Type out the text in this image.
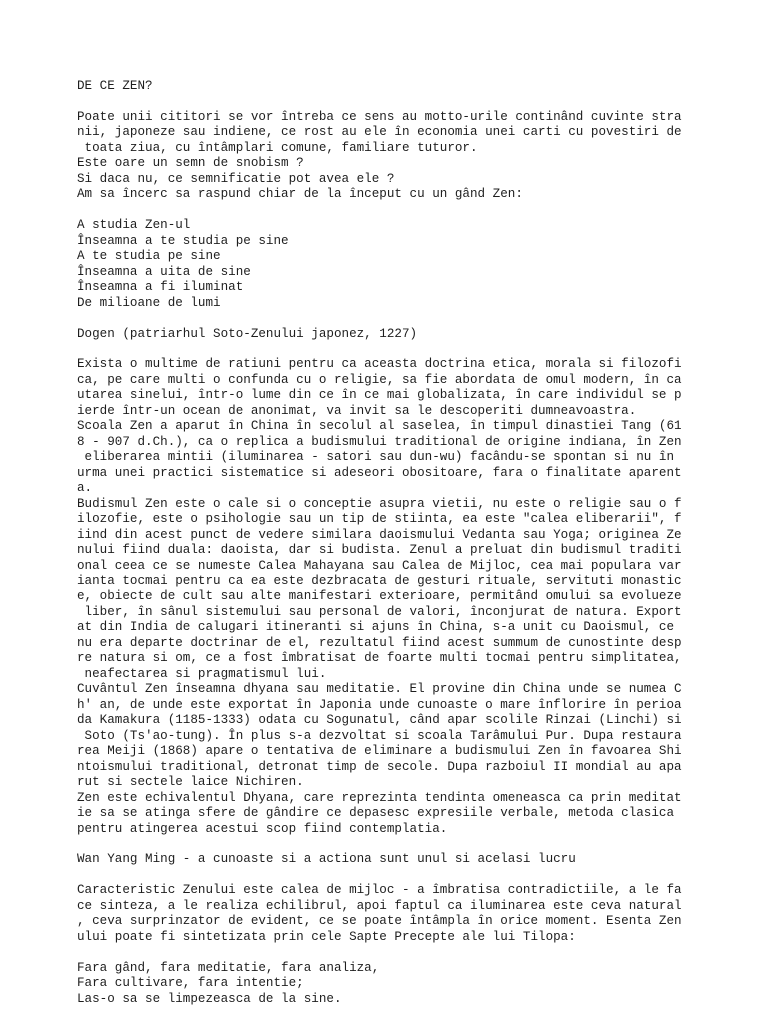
DE CE ZEN?
Poate unii cititori se vor întreba ce sens au motto-urile continând cuvinte stra
nii, japoneze sau indiene, ce rost au ele în economia unei carti cu povestiri de
toata ziua, cu întâmplari comune, familiare tuturor.
Este oare un semn de snobism ?
Si daca nu, ce semnificatie pot avea ele ?
Am sa încerc sa raspund chiar de la început cu un gând Zen:
A studia Zen-ul
Înseamna a te studia pe sine
A te studia pe sine
Înseamna a uita de sine
Înseamna a fi iluminat
De milioane de lumi
Dogen (patriarhul Soto-Zenului japonez, 1227)
Exista o multime de ratiuni pentru ca aceasta doctrina etica, morala si filozofi
ca, pe care multi o confunda cu o religie, sa fie abordata de omul modern, în ca
utarea sinelui, într-o lume din ce în ce mai globalizata, în care individul se p
ierde într-un ocean de anonimat, va invit sa le descoperiti dumneavoastra.
Scoala Zen a aparut în China în secolul al saselea, în timpul dinastiei Tang (61
8 - 907 d.Ch.), ca o replica a budismului traditional de origine indiana, în Zen
eliberarea mintii (iluminarea - satori sau dun-wu) facându-se spontan si nu în
urma unei practici sistematice si adeseori obositoare, fara o finalitate aparent
a.
Budismul Zen este o cale si o conceptie asupra vietii, nu este o religie sau o f
ilozofie, este o psihologie sau un tip de stiinta, ea este "calea eliberarii", f
iind din acest punct de vedere similara daoismului Vedanta sau Yoga; originea Ze
nului fiind duala: daoista, dar si budista. Zenul a preluat din budismul traditi
onal ceea ce se numeste Calea Mahayana sau Calea de Mijloc, cea mai populara var
ianta tocmai pentru ca ea este dezbracata de gesturi rituale, servituti monastic
e, obiecte de cult sau alte manifestari exterioare, permitând omului sa evolueze
liber, în sânul sistemului sau personal de valori, înconjurat de natura. Export
at din India de calugari itineranti si ajuns în China, s-a unit cu Daoismul, ce
nu era departe doctrinar de el, rezultatul fiind acest summum de cunostinte desp
re natura si om, ce a fost îmbratisat de foarte multi tocmai pentru simplitatea,
neafectarea si pragmatismul lui.
Cuvântul Zen înseamna dhyana sau meditatie. El provine din China unde se numea C
h' an, de unde este exportat în Japonia unde cunoaste o mare înflorire în perioa
da Kamakura (1185-1333) odata cu Sogunatul, când apar scolile Rinzai (Linchi) si
Soto (Ts'ao-tung). În plus s-a dezvoltat si scoala Tarâmului Pur. Dupa restaura
rea Meiji (1868) apare o tentativa de eliminare a budismului Zen în favoarea Shi
ntoismului traditional, detronat timp de secole. Dupa razboiul II mondial au apa
rut si sectele laice Nichiren.
Zen este echivalentul Dhyana, care reprezinta tendinta omeneasca ca prin meditat
ie sa se atinga sfere de gândire ce depasesc expresiile verbale, metoda clasica
pentru atingerea acestui scop fiind contemplatia.
Wan Yang Ming - a cunoaste si a actiona sunt unul si acelasi lucru
Caracteristic Zenului este calea de mijloc - a îmbratisa contradictiile, a le fa
ce sinteza, a le realiza echilibrul, apoi faptul ca iluminarea este ceva natural
, ceva surprinzator de evident, ce se poate întâmpla în orice moment. Esenta Zen
ului poate fi sintetizata prin cele Sapte Precepte ale lui Tilopa:
Fara gând, fara meditatie, fara analiza,
Fara cultivare, fara intentie;
Las-o sa se limpezeasca de la sine.
